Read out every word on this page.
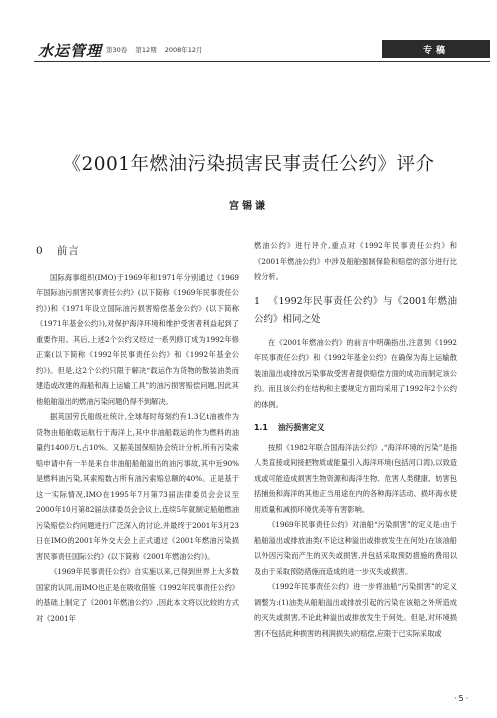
水运管理 第30卷 第12期 2008年12月	专稿
《2001年燃油污染损害民事责任公约》评介
宫锡谦
0 前言

国际海事组织(IMO)于1969年和1971年分别通过《1969年国际油污损害民事责任公约》(以下简称《1969年民事责任公约》)和《1971年设立国际油污损害赔偿基金公约》(以下简称《1971年基金公约》),对保护海洋环境和维护受害者利益起到了重要作用。其后,上述2个公约又经过一系列修订成为1992年修正案(以下简称《1992年民事责任公约》和《1992年基金公约》)。但是,这2个公约只限于解决“载运作为货物的散装油类而建造或改建的海船和海上运输工具”的油污损害赔偿问题,因此其他船舶溢出的燃油污染问题仍得不到解决。

据英国劳氏船级社统计,全球每时每刻约有1.3亿t油被作为货物由船舶载运航行于海洋上,其中非油船载运的作为燃料的油量约1400万t,占10%。又据美国保赔协会统计分析,所有污染索赔申请中有一半是来自非油船船舶溢出的油污事故,其中近90%是燃料油污染,其索赔数占所有油污索赔总额的40%。正是基于这一实际情况,IMO在1995年7月第73届法律委员会会议至2000年10月第82届法律委员会会议上,连续5年就制定船舶燃油污染赔偿公约问题进行广泛深入的讨论,并最终于2001年3月23日在IMO的2001年外交大会上正式通过《2001年燃油污染损害民事责任国际公约》(以下简称《2001年燃油公约》)。

《1969年民事责任公约》自实施以来,已得到世界上大多数国家的认同,而IMO也正是在吸收借鉴《1992年民事责任公约》的基础上制定了《2001年燃油公约》,因此本文将以比较的方式对《2001年

燃油公约》进行评介,重点对《1992年民事责任公约》和《2001年燃油公约》中涉及船舶强制保险和赔偿的部分进行比较分析。

1 《1992年民事责任公约》与《2001年燃油公约》相同之处

在《2001年燃油公约》的前言中明确指出,注意到《1992年民事责任公约》和《1992年基金公约》在确保为海上运输散装油溢出或排放污染事故受害者提供赔偿方面的成功而制定该公约。而且该公约在结构和主要规定方面均采用了1992年2个公约的体例。

1.1 油污损害定义

按照《1982年联合国海洋法公约》,“海洋环境的污染”是指人类直接或间接把物质或能量引入海洋环境(包括河口湾),以致造成或可能造成损害生物资源和海洋生物、危害人类健康、妨害包括捕鱼和海洋的其他正当用途在内的各种海洋活动、损坏海水使用质量和减损环境优美等有害影响。

《1969年民事责任公约》对油船“污染损害”的定义是:由于船舶溢出或排放油类(不论这种溢出或排放发生在何处)在该油船以外因污染而产生的灭失或损害,并包括采取预防措施的费用以及由于采取预防措施而造成的进一步灭失或损害。

《1992年民事责任公约》进一步将油船“污染损害”的定义调整为:(1)油类从船舶溢出或排放引起的污染在该船之外所造成的灭失或损害,不论此种溢出或排放发生于何处。但是,对环境损害(不包括此种损害的利润损失)的赔偿,应限于已实际采取或

·5·
